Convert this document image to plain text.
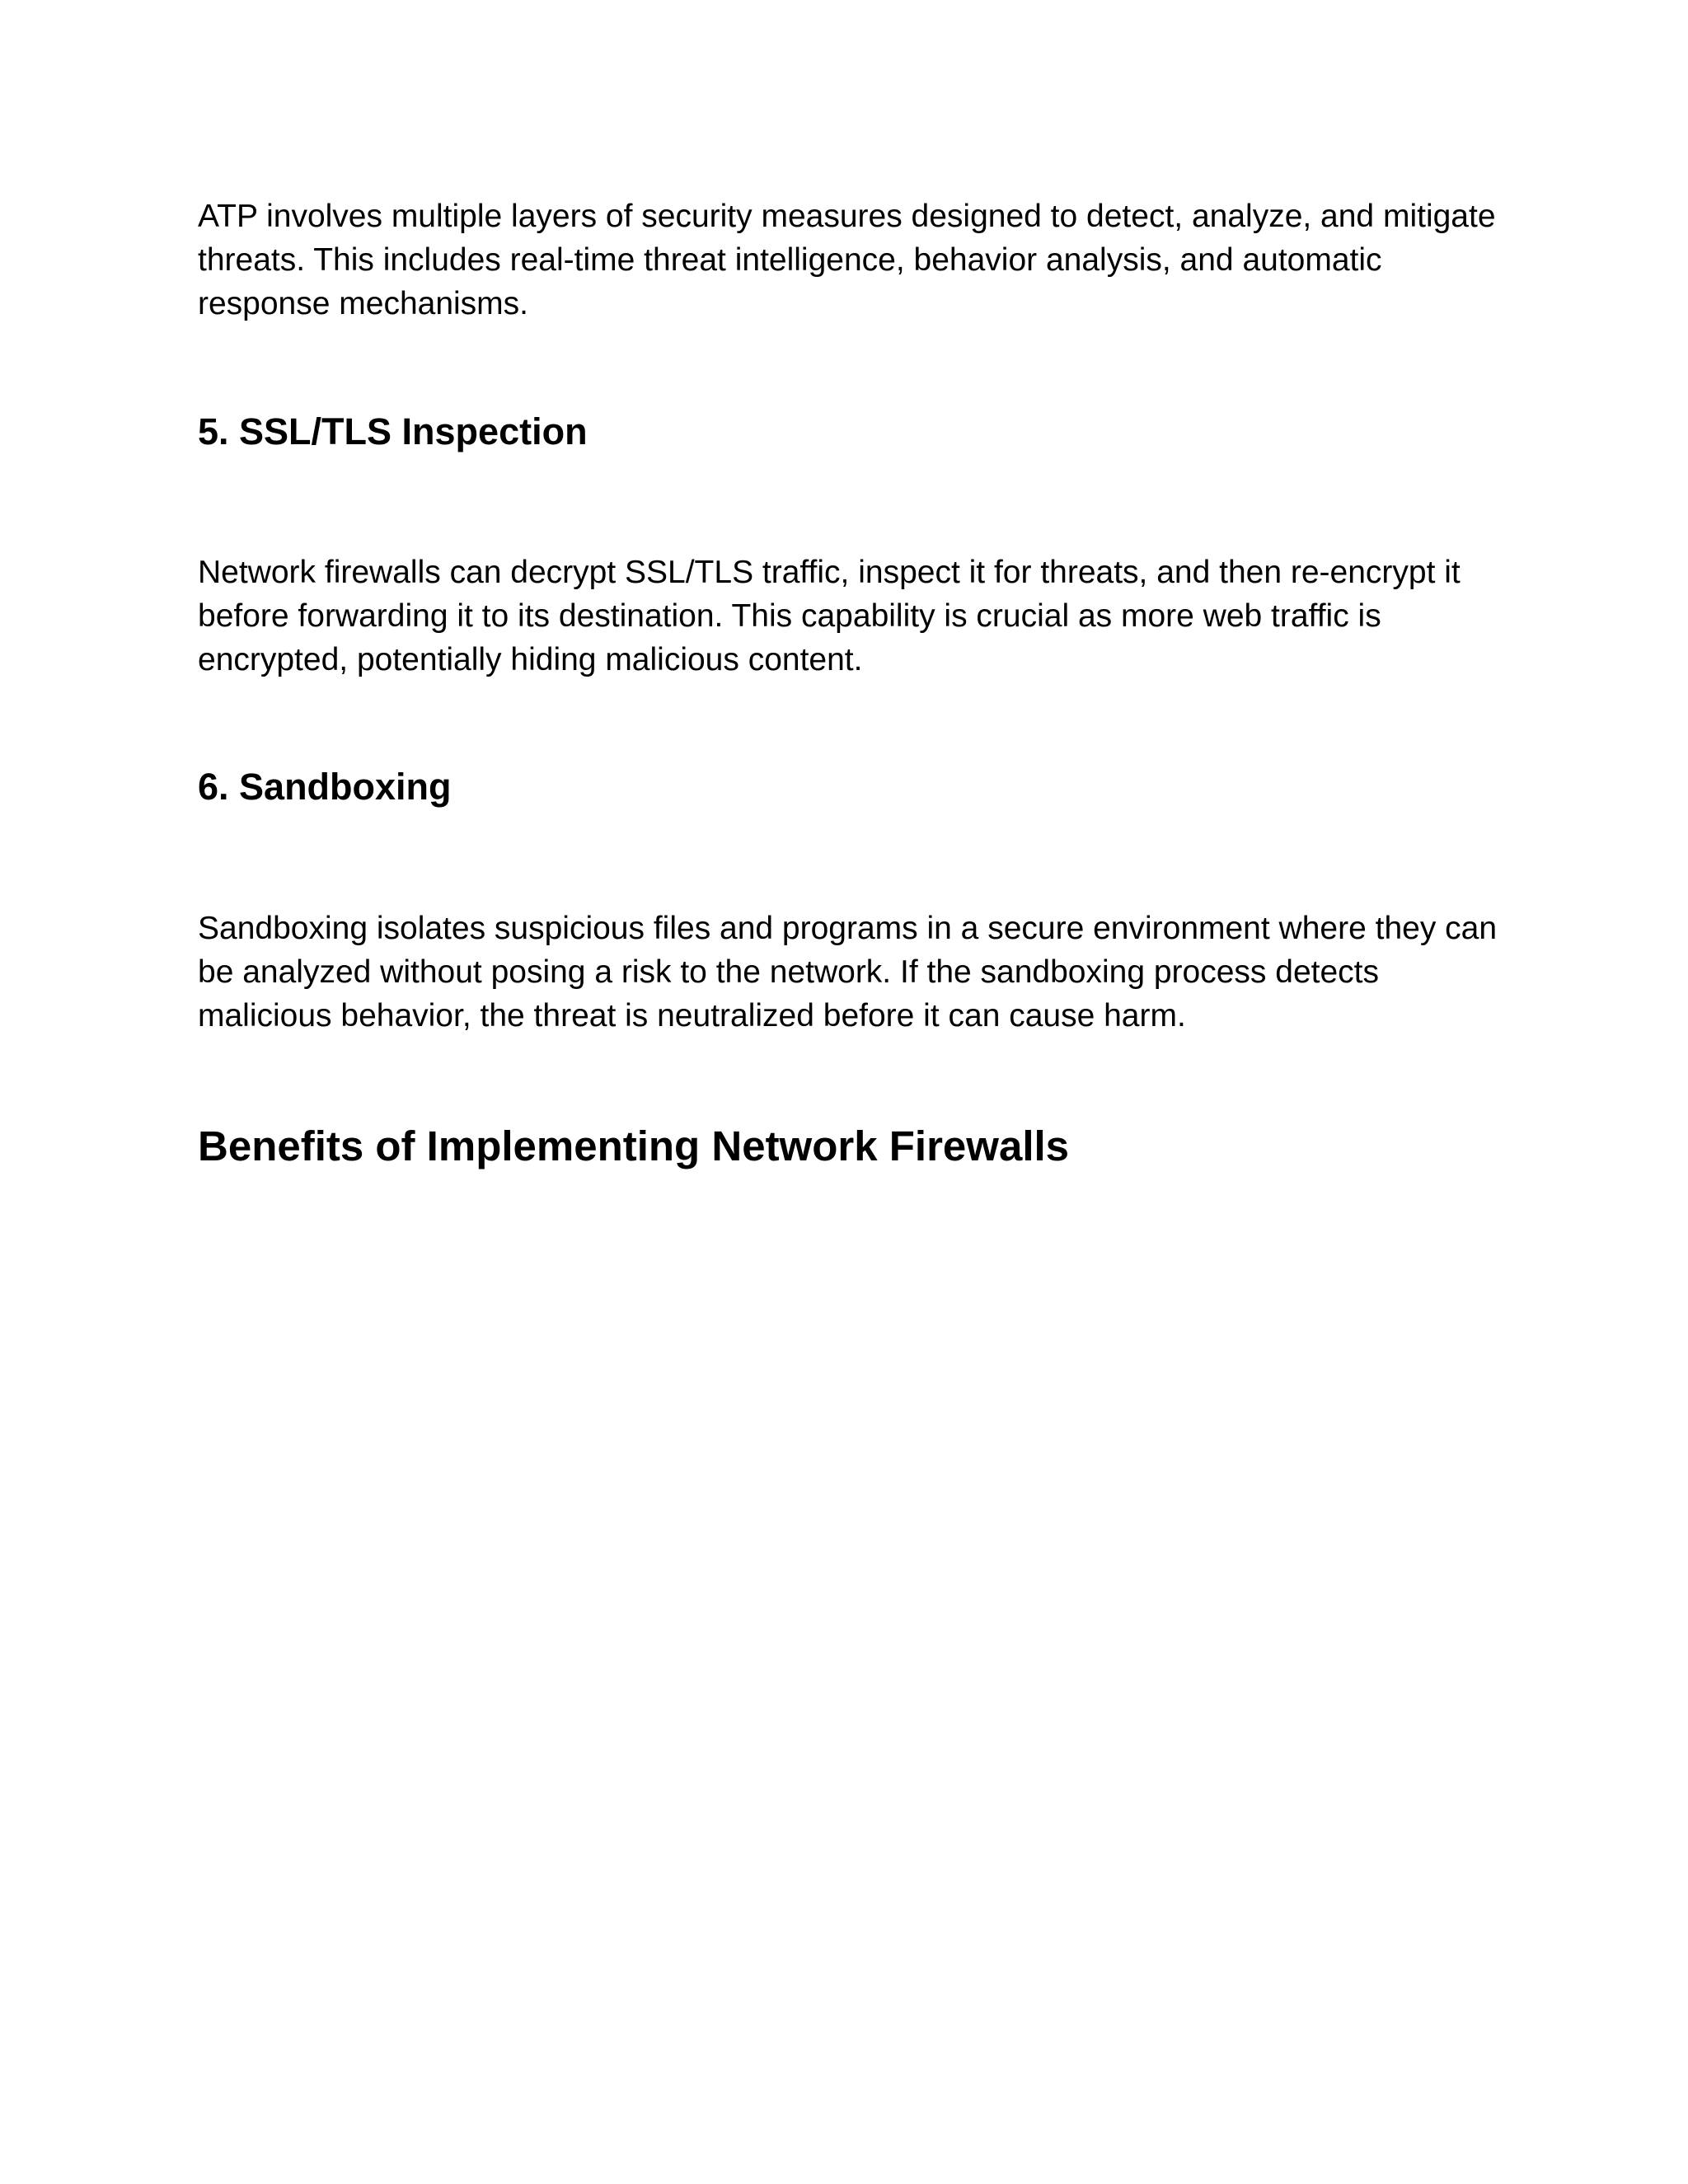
ATP involves multiple layers of security measures designed to detect, analyze, and mitigate threats. This includes real-time threat intelligence, behavior analysis, and automatic response mechanisms.

5. SSL/TLS Inspection

Network firewalls can decrypt SSL/TLS traffic, inspect it for threats, and then re-encrypt it before forwarding it to its destination. This capability is crucial as more web traffic is encrypted, potentially hiding malicious content.

6. Sandboxing

Sandboxing isolates suspicious files and programs in a secure environment where they can be analyzed without posing a risk to the network. If the sandboxing process detects malicious behavior, the threat is neutralized before it can cause harm.

Benefits of Implementing Network Firewalls
